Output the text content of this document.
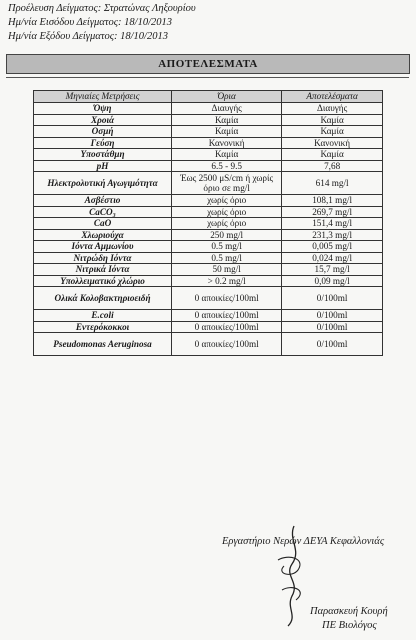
Προέλευση Δείγματος: Στρατώνας Ληξουρίου
Ημ/νία Εισόδου Δείγματος: 18/10/2013
Ημ/νία Εξόδου Δείγματος: 18/10/2013
ΑΠΟΤΕΛΕΣΜΑΤΑ
Μηνιαίες Μετρήσεις	Όρια	Αποτελέσματα
Όψη	Διαυγής	Διαυγής
Χροιά	Καμία	Καμία
Οσμή	Καμία	Καμία
Γεύση	Κανονική	Κανονική
Υποστάθμη	Καμία	Καμία
pH	6.5 - 9.5	7,68
Ηλεκτρολυτική Αγωγιμότητα	Έως 2500 μS/cm ή χωρίς όριο σε mg/l	614 mg/l
Ασβέστιο	χωρίς όριο	108,1 mg/l
CaCO₃	χωρίς όριο	269,7 mg/l
CaO	χωρίς όριο	151,4 mg/l
Χλωριούχα	250 mg/l	231,3 mg/l
Ιόντα Αμμωνίου	0.5 mg/l	0,005 mg/l
Νιτρώδη Ιόντα	0.5 mg/l	0,024 mg/l
Νιτρικά Ιόντα	50 mg/l	15,7 mg/l
Υπολλειματικό χλώριο	> 0.2 mg/l	0,09 mg/l
Ολικά Κολοβακτηριοειδή	0 αποικίες/100ml	0/100ml
E.coli	0 αποικίες/100ml	0/100ml
Εντερόκοκκοι	0 αποικίες/100ml	0/100ml
Pseudomonas Aeruginosa	0 αποικίες/100ml	0/100ml
Εργαστήριο Νερών ΔΕΥΑ Κεφαλλονιάς
Παρασκευή Κουρή
ΠΕ Βιολόγος
